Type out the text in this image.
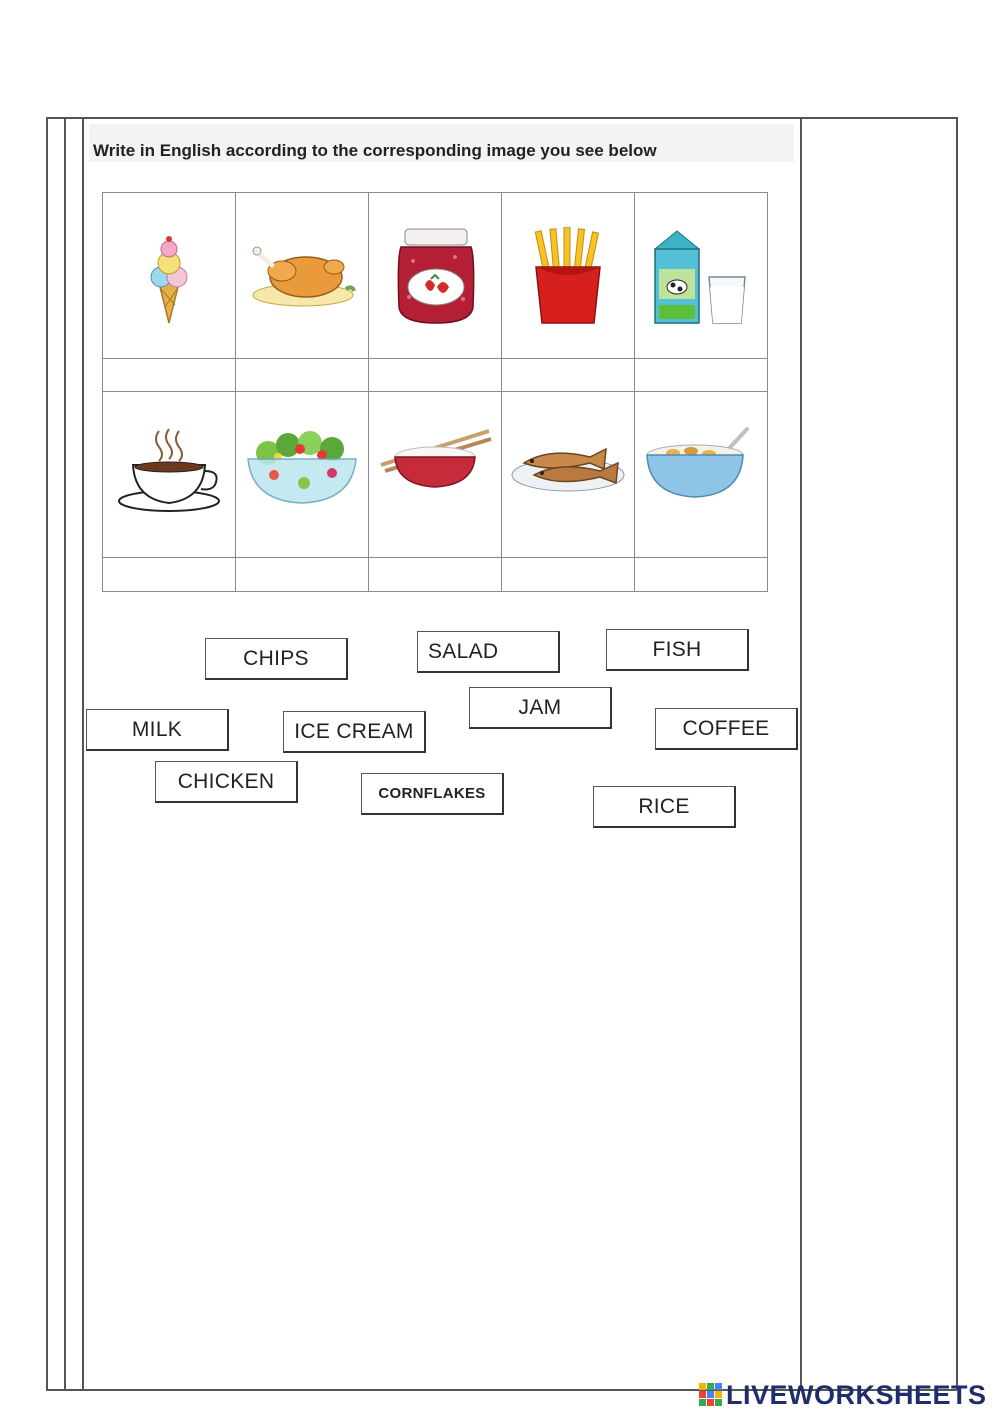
Write in English according to the corresponding image you see below
CHIPS	SALAD	FISH
JAM
MILK	ICE CREAM	COFFEE
CHICKEN
CORNFLAKES
RICE
LIVEWORKSHEETS
